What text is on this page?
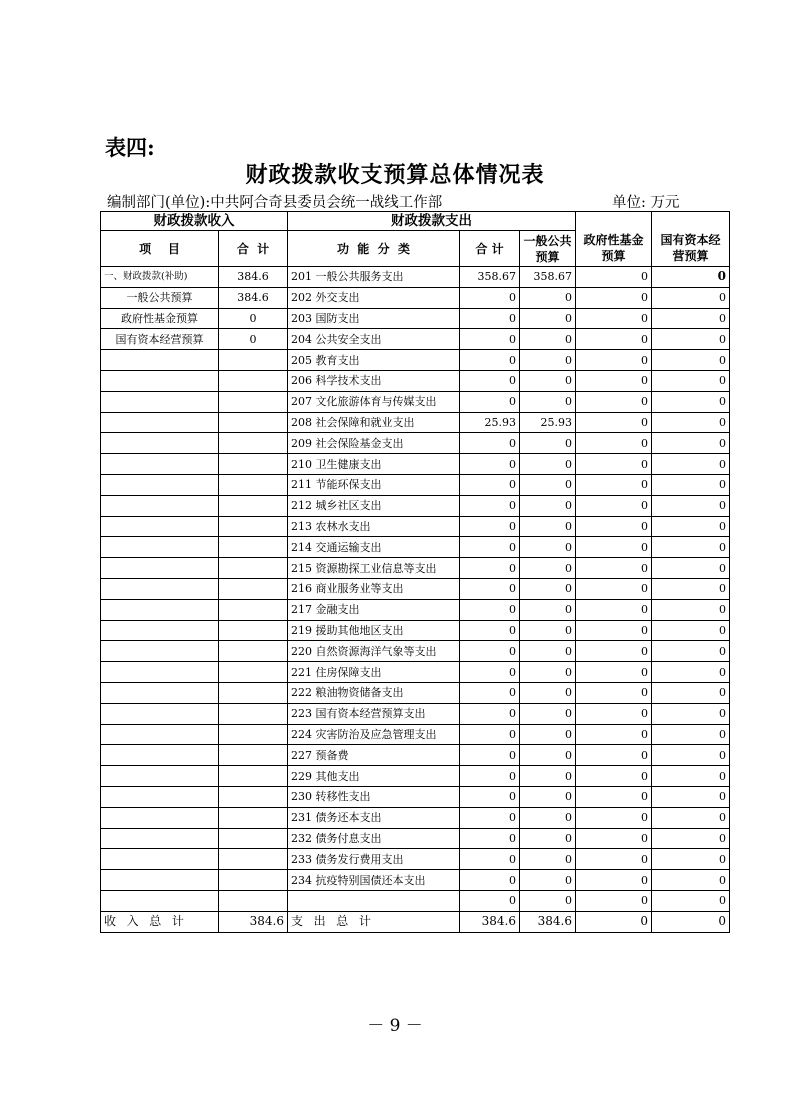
表四:
财政拨款收支预算总体情况表
编制部门(单位):中共阿合奇县委员会统一战线工作部	单位: 万元
财政拨款收入		财政拨款支出				
项    目	合  计	功  能  分  类	合 计	一般公共预算	政府性基金预算	国有资本经营预算
一、财政拨款(补助)	384.6	201 一般公共服务支出	358.67	358.67	0	0
一般公共预算	384.6	202 外交支出	0	0	0	0
政府性基金预算	0	203 国防支出	0	0	0	0
国有资本经营预算	0	204 公共安全支出	0	0	0	0
		205 教育支出	0	0	0	0
		206 科学技术支出	0	0	0	0
		207 文化旅游体育与传媒支出	0	0	0	0
		208 社会保障和就业支出	25.93	25.93	0	0
		209 社会保险基金支出	0	0	0	0
		210 卫生健康支出	0	0	0	0
		211 节能环保支出	0	0	0	0
		212 城乡社区支出	0	0	0	0
		213 农林水支出	0	0	0	0
		214 交通运输支出	0	0	0	0
		215 资源勘探工业信息等支出	0	0	0	0
		216 商业服务业等支出	0	0	0	0
		217 金融支出	0	0	0	0
		219 援助其他地区支出	0	0	0	0
		220 自然资源海洋气象等支出	0	0	0	0
		221 住房保障支出	0	0	0	0
		222 粮油物资储备支出	0	0	0	0
		223 国有资本经营预算支出	0	0	0	0
		224 灾害防治及应急管理支出	0	0	0	0
		227 预备费	0	0	0	0
		229 其他支出	0	0	0	0
		230 转移性支出	0	0	0	0
		231 债务还本支出	0	0	0	0
		232 债务付息支出	0	0	0	0
		233 债务发行费用支出	0	0	0	0
		234 抗疫特别国债还本支出	0	0	0	0
			0	0	0	0
收  入  总  计	384.6	支  出  总  计	384.6	384.6	0	0
－ 9 －
